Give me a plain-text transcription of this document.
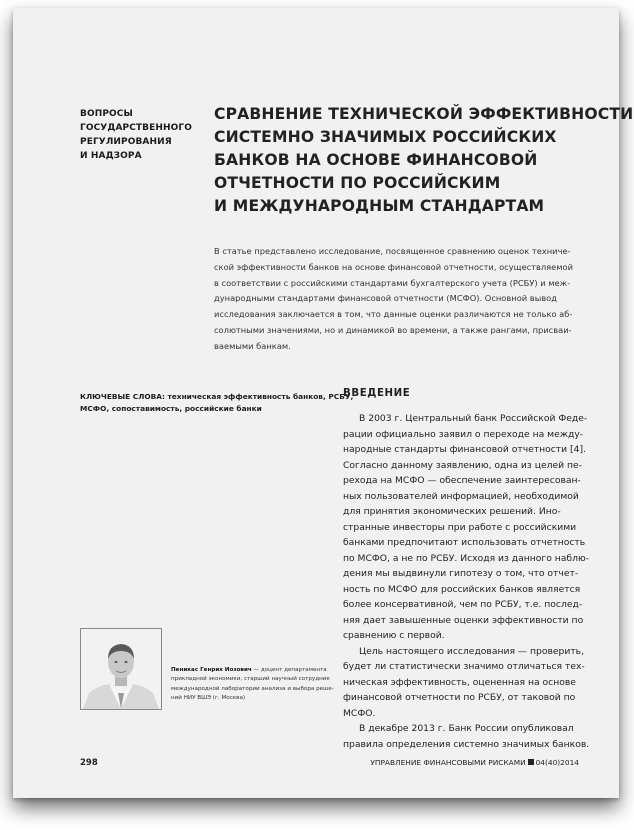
ВОПРОСЫ
ГОСУДАРСТВЕННОГО
РЕГУЛИРОВАНИЯ
И НАДЗОРА
СРАВНЕНИЕ ТЕХНИЧЕСКОЙ ЭФФЕКТИВНОСТИ
СИСТЕМНО ЗНАЧИМЫХ РОССИЙСКИХ
БАНКОВ НА ОСНОВЕ ФИНАНСОВОЙ
ОТЧЕТНОСТИ ПО РОССИЙСКИМ
И МЕЖДУНАРОДНЫМ СТАНДАРТАМ
В статье представлено исследование, посвященное сравнению оценок техниче-
ской эффективности банков на основе финансовой отчетности, осуществляемой
в соответствии с российскими стандартами бухгалтерского учета (РСБУ) и меж-
дународными стандартами финансовой отчетности (МСФО). Основной вывод
исследования заключается в том, что данные оценки различаются не только аб-
солютными значениями, но и динамикой во времени, а также рангами, присваи-
ваемыми банкам.
КЛЮЧЕВЫЕ СЛОВА: техническая эффективность банков, РСБУ,
МСФО, сопоставимость, российские банки
ВВЕДЕНИЕ
В 2003 г. Центральный банк Российской Феде-
рации официально заявил о переходе на между-
народные стандарты финансовой отчетности [4].
Согласно данному заявлению, одна из целей пе-
рехода на МСФО — обеспечение заинтересован-
ных пользователей информацией, необходимой
для принятия экономических решений. Ино-
странные инвесторы при работе с российскими
банками предпочитают использовать отчетность
по МСФО, а не по РСБУ. Исходя из данного наблю-
дения мы выдвинули гипотезу о том, что отчет-
ность по МСФО для российских банков является
более консервативной, чем по РСБУ, т.е. послед-
няя дает завышенные оценки эффективности по
сравнению с первой.
Цель настоящего исследования — проверить,
будет ли статистически значимо отличаться тех-
ническая эффективность, оцененная на основе
финансовой отчетности по РСБУ, от таковой по
МСФО.
В декабре 2013 г. Банк России опубликовал
правила определения системно значимых банков.
Пеникас Генрих Иозович — доцент департамента
прикладной экономики, старший научный сотрудник
международной лаборатории анализа и выбора реше-
ний НИУ ВШЭ (г. Москва)
298	УПРАВЛЕНИЕ ФИНАНСОВЫМИ РИСКАМИ 04(40)2014
